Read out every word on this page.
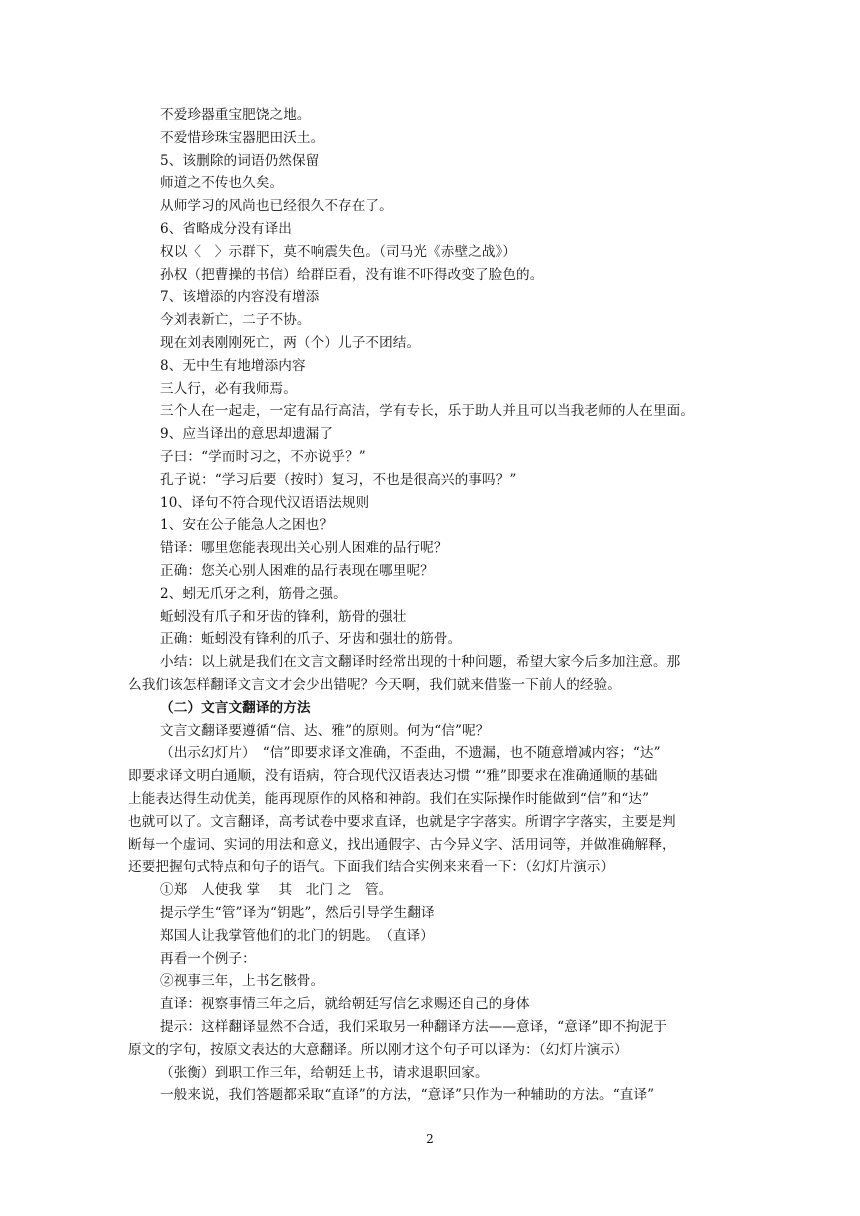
不爱珍器重宝肥饶之地。
不爱惜珍珠宝器肥田沃土。
5、该删除的词语仍然保留
师道之不传也久矣。
从师学习的风尚也已经很久不存在了。
6、省略成分没有译出
权以〈　〉示群下，莫不响震失色。（司马光《赤壁之战》）
孙权（把曹操的书信）给群臣看，没有谁不吓得改变了脸色的。
7、该增添的内容没有增添
今刘表新亡，二子不协。
现在刘表刚刚死亡，两（个）儿子不团结。
8、无中生有地增添内容
三人行，必有我师焉。
三个人在一起走，一定有品行高洁，学有专长，乐于助人并且可以当我老师的人在里面。
9、应当译出的意思却遗漏了
子曰：“学而时习之，不亦说乎？”
孔子说：“学习后要（按时）复习，不也是很高兴的事吗？”
10、译句不符合现代汉语语法规则
1、安在公子能急人之困也？
错译：哪里您能表现出关心别人困难的品行呢？
正确：您关心别人困难的品行表现在哪里呢？
2、蚓无爪牙之利，筋骨之强。
蚯蚓没有爪子和牙齿的锋利，筋骨的强壮
正确：蚯蚓没有锋利的爪子、牙齿和强壮的筋骨。
小结：以上就是我们在文言文翻译时经常出现的十种问题，希望大家今后多加注意。那
么我们该怎样翻译文言文才会少出错呢？今天啊，我们就来借鉴一下前人的经验。
（二）文言文翻译的方法
文言文翻译要遵循“信、达、雅”的原则。何为“信”呢？
（出示幻灯片）　“信”即要求译文准确，不歪曲，不遗漏，也不随意增减内容；“达”
即要求译文明白通顺，没有语病，符合现代汉语表达习惯 “‘雅”即要求在准确通顺的基础
上能表达得生动优美，能再现原作的风格和神韵。我们在实际操作时能做到“信”和“达”
也就可以了。文言翻译，高考试卷中要求直译，也就是字字落实。所谓字字落实，主要是判
断每一个虚词、实词的用法和意义，找出通假字、古今异义字、活用词等，并做准确解释，
还要把握句式特点和句子的语气。下面我们结合实例来来看一下：（幻灯片演示）
①郑　人使我 掌　 其　北门 之　管。
提示学生“管”译为“钥匙”，然后引导学生翻译
郑国人让我掌管他们的北门的钥匙。　（直译）
再看一个例子：
②视事三年，上书乞骸骨。
直译：视察事情三年之后，就给朝廷写信乞求赐还自己的身体
提示：这样翻译显然不合适，我们采取另一种翻译方法——意译，“意译”即不拘泥于
原文的字句，按原文表达的大意翻译。所以刚才这个句子可以译为：（幻灯片演示）
（张衡）到职工作三年，给朝廷上书，请求退职回家。
一般来说，我们答题都采取“直译”的方法，“意译”只作为一种辅助的方法。“直译”
2
